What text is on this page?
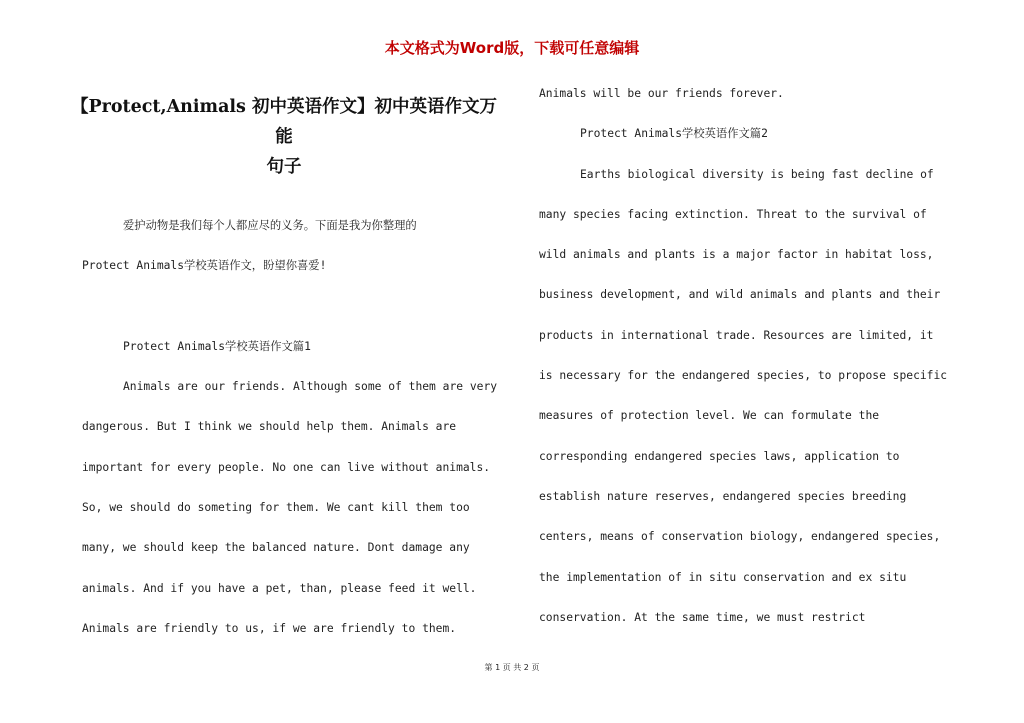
本文格式为Word版，下载可任意编辑
【Protect,Animals 初中英语作文】初中英语作文万能
句子
爱护动物是我们每个人都应尽的义务。下面是我为你整理的
Protect Animals学校英语作文，盼望你喜爱!
Protect Animals学校英语作文篇1
Animals are our friends. Although some of them are very
dangerous. But I think we should help them. Animals are
important for every people. No one can live without animals.
So, we should do someting for them. We cant kill them too
many, we should keep the balanced nature. Dont damage any
animals. And if you have a pet, than, please feed it well.
Animals are friendly to us, if we are friendly to them.
Animals will be our friends forever.
Protect Animals学校英语作文篇2
Earths biological diversity is being fast decline of
many species facing extinction. Threat to the survival of
wild animals and plants is a major factor in habitat loss,
business development, and wild animals and plants and their
products in international trade. Resources are limited, it
is necessary for the endangered species, to propose specific
measures of protection level. We can formulate the
corresponding endangered species laws, application to
establish nature reserves, endangered species breeding
centers, means of conservation biology, endangered species,
the implementation of in situ conservation and ex situ
conservation. At the same time, we must restrict
第 1 页 共 2 页
